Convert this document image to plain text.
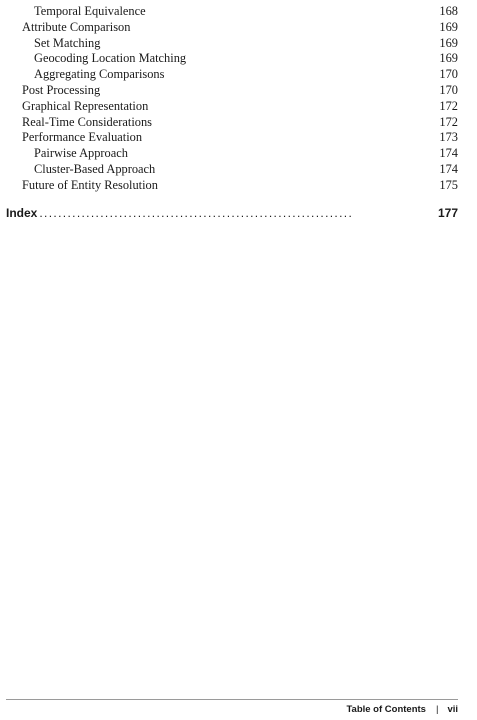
Temporal Equivalence	168
Attribute Comparison	169
Set Matching	169
Geocoding Location Matching	169
Aggregating Comparisons	170
Post Processing	170
Graphical Representation	172
Real-Time Considerations	172
Performance Evaluation	173
Pairwise Approach	174
Cluster-Based Approach	174
Future of Entity Resolution	175
Index ...................................................................	177
Table of Contents | vii
